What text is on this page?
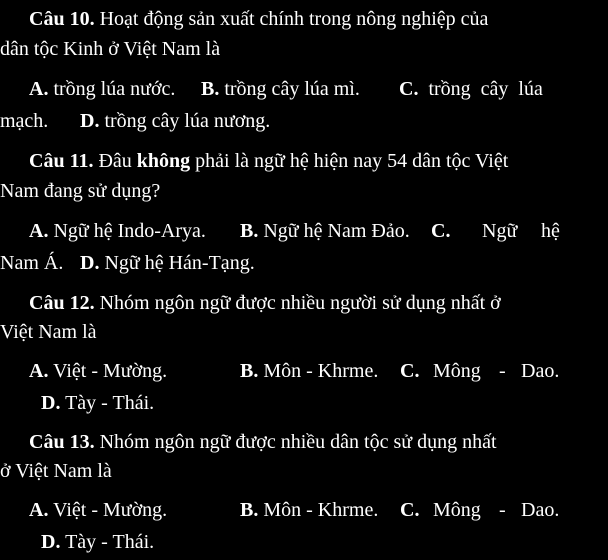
Câu 10. Hoạt động sản xuất chính trong nông nghiệp của
dân tộc Kinh ở Việt Nam là
A. trồng lúa nước. B. trồng cây lúa mì. C. trồng cây lúa
mạch. D. trồng cây lúa nương.
Câu 11. Đâu không phải là ngữ hệ hiện nay 54 dân tộc Việt
Nam đang sử dụng?
A. Ngữ hệ Indo-Arya. B. Ngữ hệ Nam Đảo. C. Ngữ hệ
Nam Á. D. Ngữ hệ Hán-Tạng.
Câu 12. Nhóm ngôn ngữ được nhiều người sử dụng nhất ở
Việt Nam là
A. Việt - Mường.	B. Môn - Khrme. C. Mông - Dao.
D. Tày - Thái.
Câu 13. Nhóm ngôn ngữ được nhiều dân tộc sử dụng nhất
ở Việt Nam là
A. Việt - Mường.	B. Môn - Khrme. C. Mông - Dao.
D. Tày - Thái.
